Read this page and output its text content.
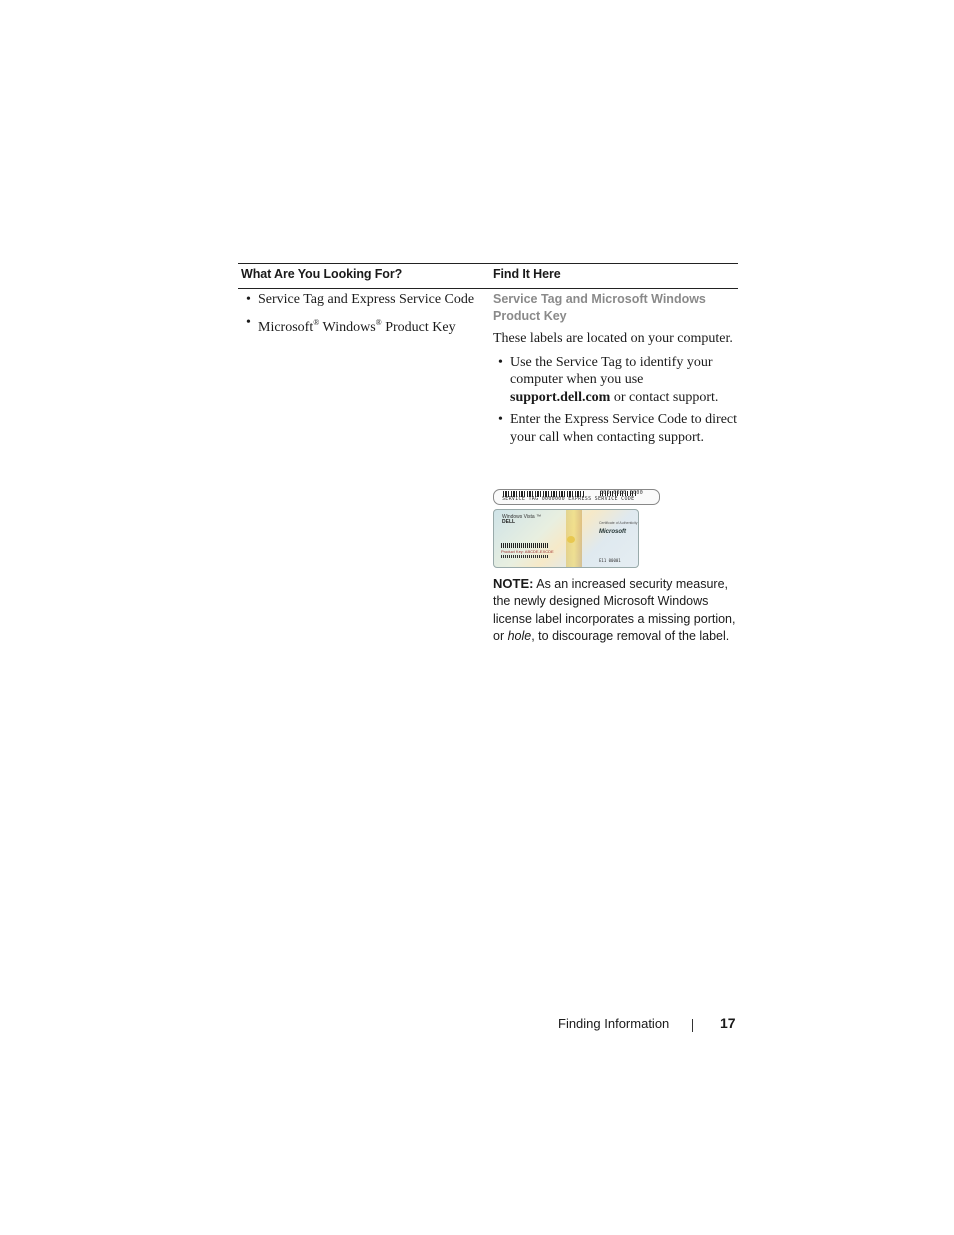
What Are You Looking For?	Find It Here
• Service Tag and Express Service Code
• Microsoft® Windows® Product Key
Service Tag and Microsoft Windows Product Key
These labels are located on your computer.
• Use the Service Tag to identify your computer when you use support.dell.com or contact support.
• Enter the Express Service Code to direct your call when contacting support.
SERVICE TAG 0000000 EXPRESS SERVICE CODE
000 0000 0000
Windows Vista ™
DELL
Product Key: ABCDE-EXCDE
Certificate of Authenticity
Microsoft
E11 00001
NOTE: As an increased security measure, the newly designed Microsoft Windows license label incorporates a missing portion, or hole, to discourage removal of the label.
Finding Information	17
